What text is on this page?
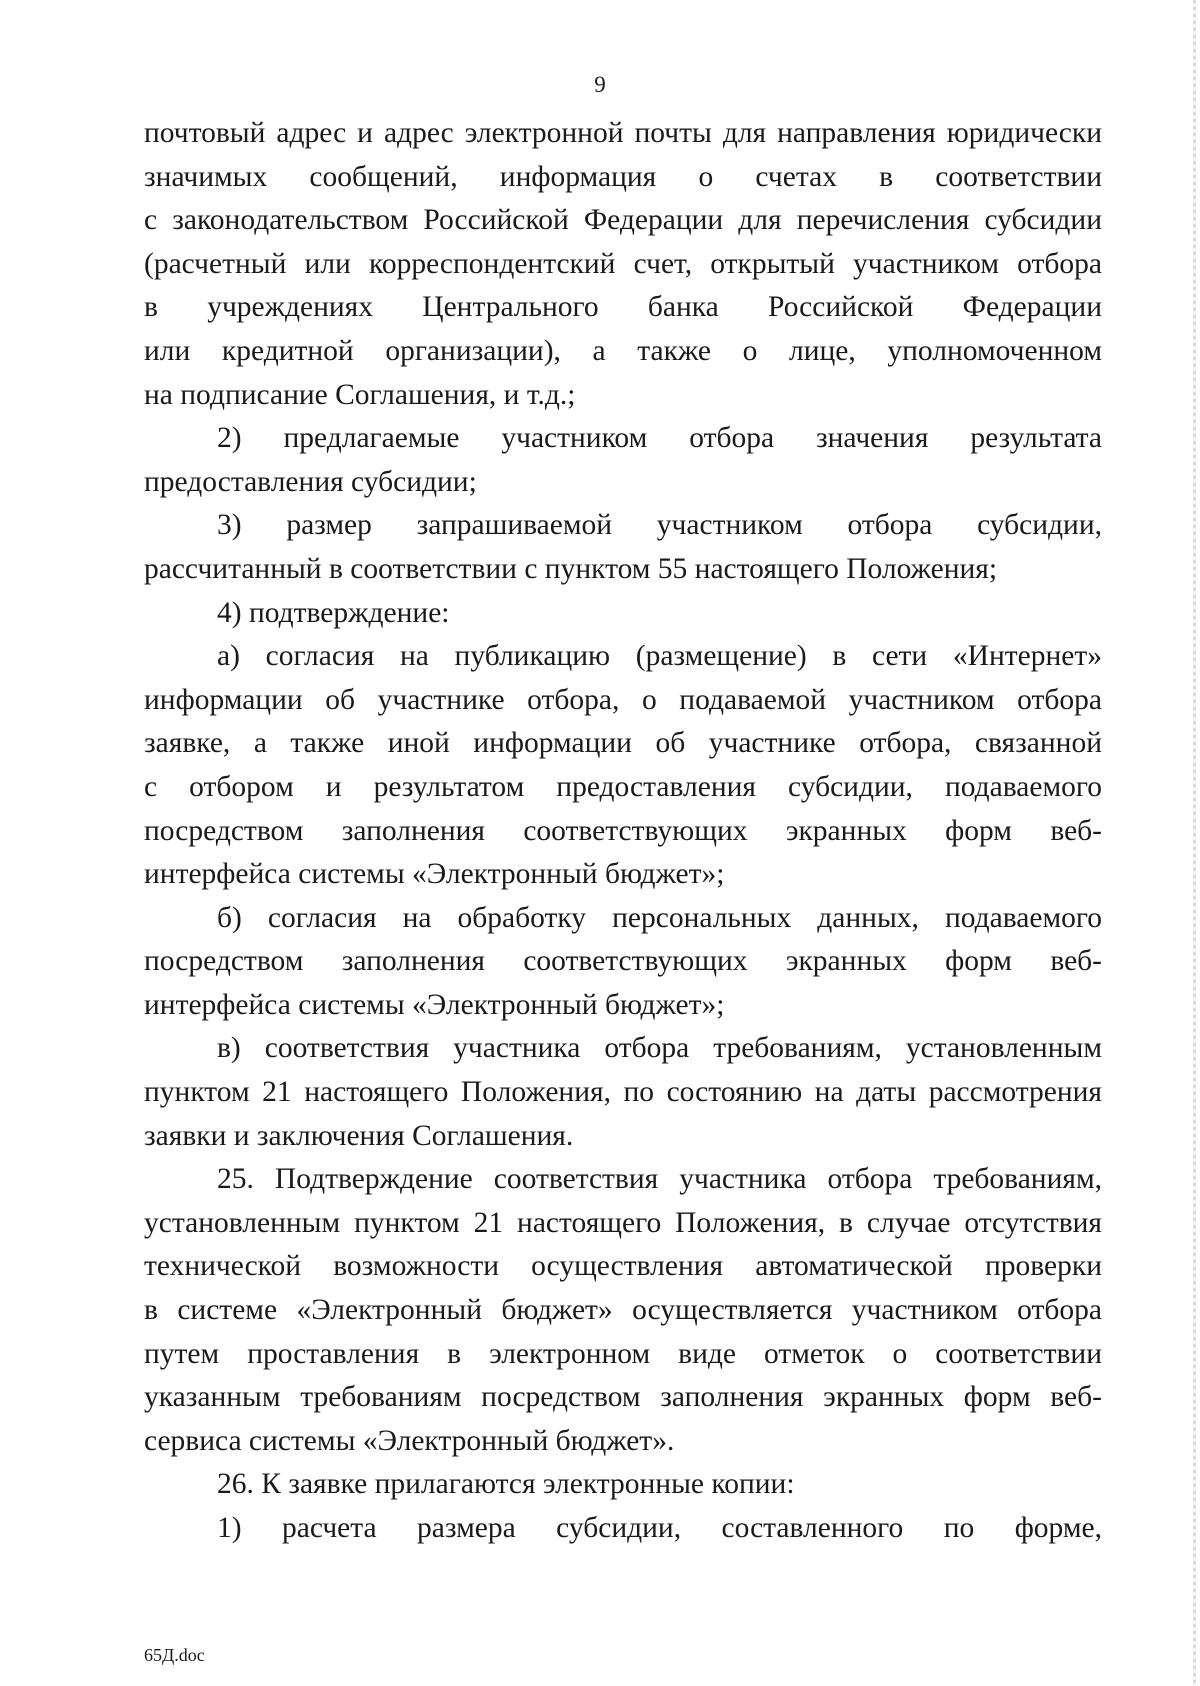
9
почтовый адрес и адрес электронной почты для направления юридически
значимых сообщений, информация о счетах в соответствии
с законодательством Российской Федерации для перечисления субсидии
(расчетный или корреспондентский счет, открытый участником отбора
в учреждениях Центрального банка Российской Федерации
или кредитной организации), а также о лице, уполномоченном
на подписание Соглашения, и т.д.;
2) предлагаемые участником отбора значения результата
предоставления субсидии;
3) размер запрашиваемой участником отбора субсидии,
рассчитанный в соответствии с пунктом 55 настоящего Положения;
4) подтверждение:
а) согласия на публикацию (размещение) в сети «Интернет»
информации об участнике отбора, о подаваемой участником отбора
заявке, а также иной информации об участнике отбора, связанной
с отбором и результатом предоставления субсидии, подаваемого
посредством заполнения соответствующих экранных форм веб-
интерфейса системы «Электронный бюджет»;
б) согласия на обработку персональных данных, подаваемого
посредством заполнения соответствующих экранных форм веб-
интерфейса системы «Электронный бюджет»;
в) соответствия участника отбора требованиям, установленным
пунктом 21 настоящего Положения, по состоянию на даты рассмотрения
заявки и заключения Соглашения.
25. Подтверждение соответствия участника отбора требованиям,
установленным пунктом 21 настоящего Положения, в случае отсутствия
технической возможности осуществления автоматической проверки
в системе «Электронный бюджет» осуществляется участником отбора
путем проставления в электронном виде отметок о соответствии
указанным требованиям посредством заполнения экранных форм веб-
сервиса системы «Электронный бюджет».
26. К заявке прилагаются электронные копии:
1) расчета размера субсидии, составленного по форме,
65Д.doc
